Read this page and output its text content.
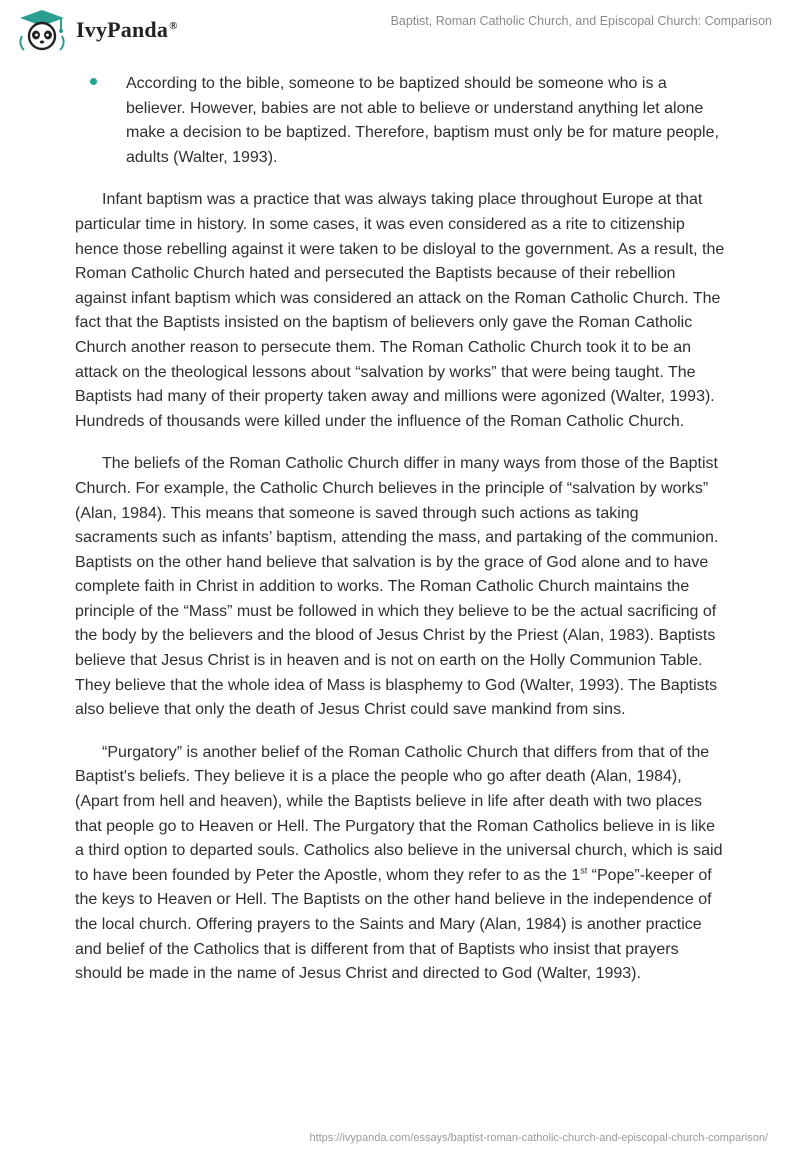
IvyPanda®	Baptist, Roman Catholic Church, and Episcopal Church: Comparison
According to the bible, someone to be baptized should be someone who is a believer. However, babies are not able to believe or understand anything let alone make a decision to be baptized. Therefore, baptism must only be for mature people, adults (Walter, 1993).

Infant baptism was a practice that was always taking place throughout Europe at that particular time in history. In some cases, it was even considered as a rite to citizenship hence those rebelling against it were taken to be disloyal to the government. As a result, the Roman Catholic Church hated and persecuted the Baptists because of their rebellion against infant baptism which was considered an attack on the Roman Catholic Church. The fact that the Baptists insisted on the baptism of believers only gave the Roman Catholic Church another reason to persecute them. The Roman Catholic Church took it to be an attack on the theological lessons about “salvation by works” that were being taught. The Baptists had many of their property taken away and millions were agonized (Walter, 1993). Hundreds of thousands were killed under the influence of the Roman Catholic Church.

The beliefs of the Roman Catholic Church differ in many ways from those of the Baptist Church. For example, the Catholic Church believes in the principle of “salvation by works” (Alan, 1984). This means that someone is saved through such actions as taking sacraments such as infants’ baptism, attending the mass, and partaking of the communion. Baptists on the other hand believe that salvation is by the grace of God alone and to have complete faith in Christ in addition to works. The Roman Catholic Church maintains the principle of the “Mass” must be followed in which they believe to be the actual sacrificing of the body by the believers and the blood of Jesus Christ by the Priest (Alan, 1983). Baptists believe that Jesus Christ is in heaven and is not on earth on the Holly Communion Table. They believe that the whole idea of Mass is blasphemy to God (Walter, 1993). The Baptists also believe that only the death of Jesus Christ could save mankind from sins.

“Purgatory” is another belief of the Roman Catholic Church that differs from that of the Baptist's beliefs. They believe it is a place the people who go after death (Alan, 1984), (Apart from hell and heaven), while the Baptists believe in life after death with two places that people go to Heaven or Hell. The Purgatory that the Roman Catholics believe in is like a third option to departed souls. Catholics also believe in the universal church, which is said to have been founded by Peter the Apostle, whom they refer to as the 1st “Pope”-keeper of the keys to Heaven or Hell. The Baptists on the other hand believe in the independence of the local church. Offering prayers to the Saints and Mary (Alan, 1984) is another practice and belief of the Catholics that is different from that of Baptists who insist that prayers should be made in the name of Jesus Christ and directed to God (Walter, 1993).

https://ivypanda.com/essays/baptist-roman-catholic-church-and-episcopal-church-comparison/
